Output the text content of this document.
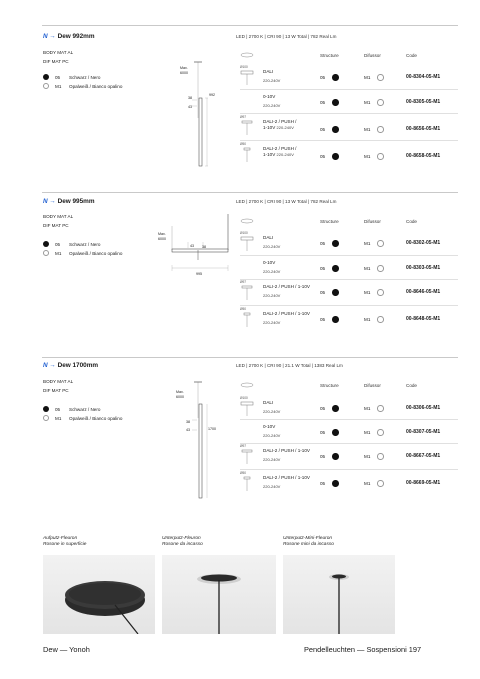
N → Dew 992mm	LED | 2700 K | CRI 90 | 13 W Total | 782 Real Lm
BODY MAT AL
DIF MAT PC
05	Schwarz / Nero
M1	Opalweiß / Bianco opalino
Max.
6000
38
43
992
Structure	Difussor	Code
Ø100
DALI
220-240V
05	M1	00-8304-05-M1
0-10V
220-240V
05	M1	00-8305-05-M1
Ø97
DALI-2 / PUSH /
1-10V 220-240V	05	M1	00-8656-05-M1
Ø50
DALI-2 / PUSH /
1-10V 220-240V	05	M1	00-8658-05-M1
N → Dew 995mm	LED | 2700 K | CRI 90 | 13 W Total | 782 Real Lm
BODY MAT AL
DIF MAT PC
05	Schwarz / Nero
M1	Opalweiß / Bianco opalino
Max.
6000
43 38
995
Structure	Difussor	Code
Ø100
DALI
220-240V
05	M1	00-8302-05-M1
0-10V
220-240V
05	M1	00-8303-05-M1
Ø97
DALI-2 / PUSH / 1-10V
220-240V
05	M1	00-8646-05-M1
Ø50
DALI-2 / PUSH / 1-10V
220-240V
05	M1	00-8648-05-M1
N → Dew 1700mm	LED | 2700 K | CRI 90 | 21.1 W Total | 1383 Real Lm
BODY MAT AL
DIF MAT PC
05	Schwarz / Nero
M1	Opalweiß / Bianco opalino
Max.
6000
38
43	1700
Structure	Difussor	Code
Ø100
DALI
220-240V
05	M1	00-8306-05-M1
0-10V
220-240V
05	M1	00-8307-05-M1
Ø97
DALI-2 / PUSH / 1-10V
220-240V
05	M1	00-8667-05-M1
Ø50
DALI-2 / PUSH / 1-10V
220-240V
05	M1	00-8669-05-M1
Aufputz-Fleuron
Rosone in superficie
Unterputz-Fleuron
Rosone da incasso
Unterputz-Mini-Fleuron
Rosone mini da incasso
Dew — Yonoh	Pendelleuchten — Sospensioni 197
